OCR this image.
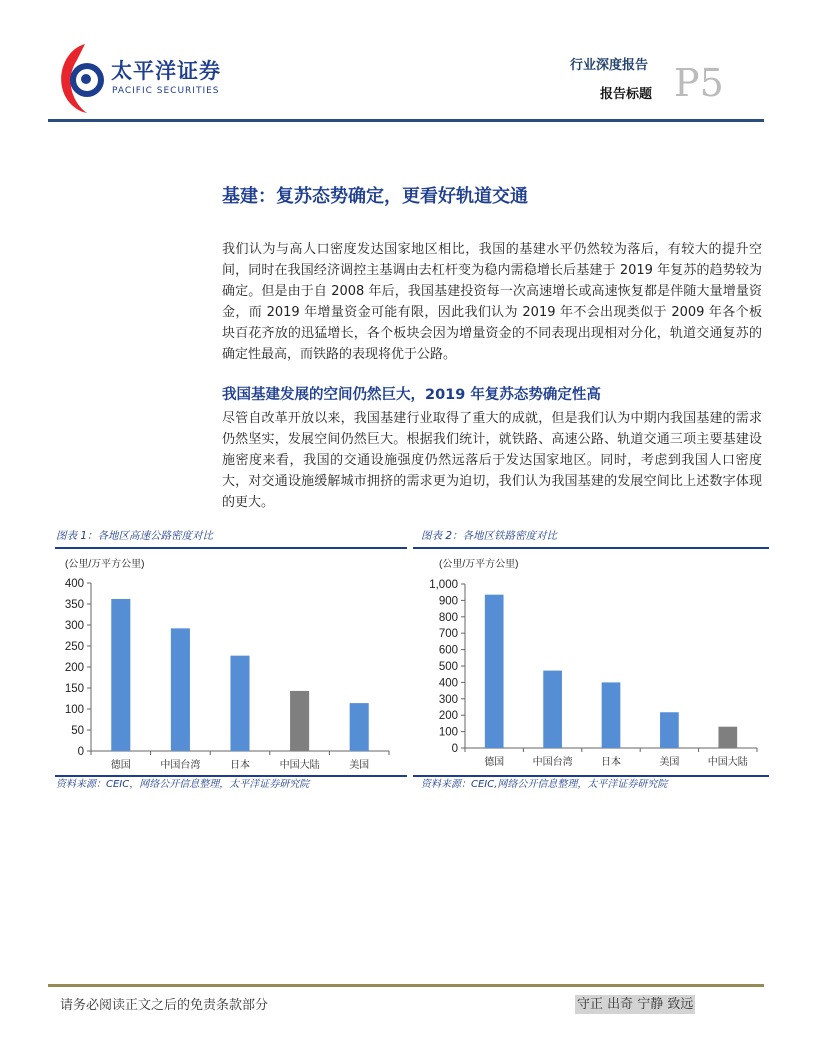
太平洋证券
PACIFIC SECURITIES
行业深度报告
报告标题 P5
基建：复苏态势确定，更看好轨道交通
我们认为与高人口密度发达国家地区相比，我国的基建水平仍然较为落后，有较大的提升空间，同时在我国经济调控主基调由去杠杆变为稳内需稳增长后基建于 2019 年复苏的趋势较为确定。但是由于自 2008 年后，我国基建投资每一次高速增长或高速恢复都是伴随大量增量资金，而 2019 年增量资金可能有限，因此我们认为 2019 年不会出现类似于 2009 年各个板块百花齐放的迅猛增长，各个板块会因为增量资金的不同表现出现相对分化，轨道交通复苏的确定性最高，而铁路的表现将优于公路。
我国基建发展的空间仍然巨大，2019 年复苏态势确定性高
尽管自改革开放以来，我国基建行业取得了重大的成就，但是我们认为中期内我国基建的需求仍然坚实，发展空间仍然巨大。根据我们统计，就铁路、高速公路、轨道交通三项主要基建设施密度来看，我国的交通设施强度仍然远落后于发达国家地区。同时，考虑到我国人口密度大，对交通设施缓解城市拥挤的需求更为迫切，我们认为我国基建的发展空间比上述数字体现的更大。
图表 1：各地区高速公路密度对比
(公里/万平方公里)
0
50
100
150
200
250
300
350
400
德国	中国台湾	日本	中国大陆	美国
资料来源：CEIC，网络公开信息整理，太平洋证券研究院
图表 2：各地区铁路密度对比
(公里/万平方公里)
0
100
200
300
400
500
600
700
800
900
1,000
德国	中国台湾	日本	美国	中国大陆
资料来源：CEIC,网络公开信息整理，太平洋证券研究院
请务必阅读正文之后的免责条款部分	守正 出奇 宁静 致远
